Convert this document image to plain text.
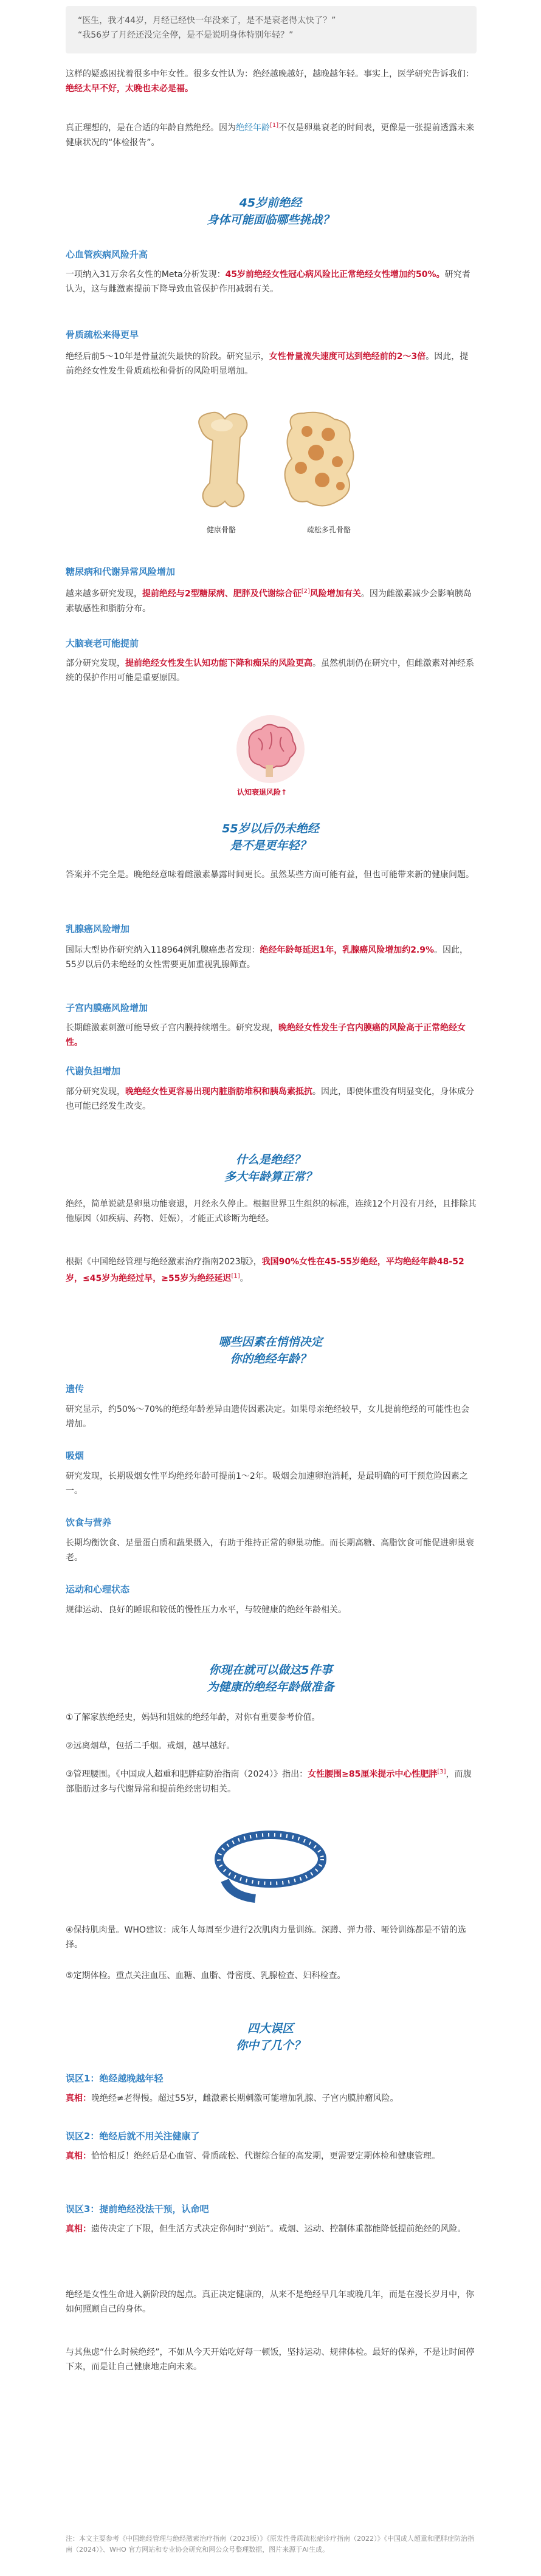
“医生，我才44岁，月经已经快一年没来了，是不是衰老得太快了？”
“我56岁了月经还没完全停，是不是说明身体特别年轻？”
这样的疑惑困扰着很多中年女性。很多女性认为：绝经越晚越好，越晚越年轻。事实上，医学研究告诉我们：绝经太早不好，太晚也未必是福。
真正理想的，是在合适的年龄自然绝经。因为绝经年龄[1]不仅是卵巢衰老的时间表，更像是一张提前透露未来健康状况的“体检报告”。
45岁前绝经
身体可能面临哪些挑战？
心血管疾病风险升高
一项纳入31万余名女性的Meta分析发现：45岁前绝经女性冠心病风险比正常绝经女性增加约50%。研究者认为，这与雌激素提前下降导致血管保护作用减弱有关。
骨质疏松来得更早
绝经后前5～10年是骨量流失最快的阶段。研究显示，女性骨量流失速度可达到绝经前的2～3倍。因此，提前绝经女性发生骨质疏松和骨折的风险明显增加。
健康骨骼	疏松多孔骨骼
糖尿病和代谢异常风险增加
越来越多研究发现，提前绝经与2型糖尿病、肥胖及代谢综合征[2]风险增加有关。因为雌激素减少会影响胰岛素敏感性和脂肪分布。
大脑衰老可能提前
部分研究发现，提前绝经女性发生认知功能下降和痴呆的风险更高。虽然机制仍在研究中，但雌激素对神经系统的保护作用可能是重要原因。
认知衰退风险↑
55岁以后仍未绝经
是不是更年轻？
答案并不完全是。晚绝经意味着雌激素暴露时间更长。虽然某些方面可能有益，但也可能带来新的健康问题。
乳腺癌风险增加
国际大型协作研究纳入118964例乳腺癌患者发现：绝经年龄每延迟1年，乳腺癌风险增加约2.9%。因此，55岁以后仍未绝经的女性需要更加重视乳腺筛查。
子宫内膜癌风险增加
长期雌激素刺激可能导致子宫内膜持续增生。研究发现，晚绝经女性发生子宫内膜癌的风险高于正常绝经女性。
代谢负担增加
部分研究发现，晚绝经女性更容易出现内脏脂肪堆积和胰岛素抵抗。因此，即使体重没有明显变化，身体成分也可能已经发生改变。
什么是绝经？
多大年龄算正常？
绝经，简单说就是卵巢功能衰退，月经永久停止。根据世界卫生组织的标准，连续12个月没有月经，且排除其他原因（如疾病、药物、妊娠），才能正式诊断为绝经。
根据《中国绝经管理与绝经激素治疗指南2023版》，我国90%女性在45-55岁绝经，平均绝经年龄48-52岁，≤45岁为绝经过早，≥55岁为绝经延迟[1]。
哪些因素在悄悄决定
你的绝经年龄？
遗传
研究显示，约50%～70%的绝经年龄差异由遗传因素决定。如果母亲绝经较早，女儿提前绝经的可能性也会增加。
吸烟
研究发现，长期吸烟女性平均绝经年龄可提前1～2年。吸烟会加速卵泡消耗，是最明确的可干预危险因素之一。
饮食与营养
长期均衡饮食、足量蛋白质和蔬果摄入，有助于维持正常的卵巢功能。而长期高糖、高脂饮食可能促进卵巢衰老。
运动和心理状态
规律运动、良好的睡眠和较低的慢性压力水平，与较健康的绝经年龄相关。
你现在就可以做这5件事
为健康的绝经年龄做准备
①了解家族绝经史，妈妈和姐妹的绝经年龄，对你有重要参考价值。
②远离烟草，包括二手烟。戒烟，越早越好。
③管理腰围。《中国成人超重和肥胖症防治指南（2024）》指出：女性腰围≥85厘米提示中心性肥胖[3]，而腹部脂肪过多与代谢异常和提前绝经密切相关。
④保持肌肉量。WHO建议：成年人每周至少进行2次肌肉力量训练。深蹲、弹力带、哑铃训练都是不错的选择。
⑤定期体检。重点关注血压、血糖、血脂、骨密度、乳腺检查、妇科检查。
四大误区
你中了几个？
误区1：绝经越晚越年轻
真相：晚绝经≠老得慢。超过55岁，雌激素长期刺激可能增加乳腺、子宫内膜肿瘤风险。
误区2：绝经后就不用关注健康了
真相：恰恰相反！绝经后是心血管、骨质疏松、代谢综合征的高发期，更需要定期体检和健康管理。
误区3：提前绝经没法干预，认命吧
真相：遗传决定了下限，但生活方式决定你何时“到站”。戒烟、运动、控制体重都能降低提前绝经的风险。
绝经是女性生命进入新阶段的起点。真正决定健康的，从来不是绝经早几年或晚几年，而是在漫长岁月中，你如何照顾自己的身体。
与其焦虑“什么时候绝经”，不如从今天开始吃好每一顿饭，坚持运动、规律体检。最好的保养，不是让时间停下来，而是让自己健康地走向未来。
注：本文主要参考《中国绝经管理与绝经激素治疗指南（2023版）》《原发性骨质疏松症诊疗指南（2022）》《中国成人超重和肥胖症防治指南（2024）》、WHO 官方网站和专业协会研究和网公众号整理数据，图片来源于AI生成。
